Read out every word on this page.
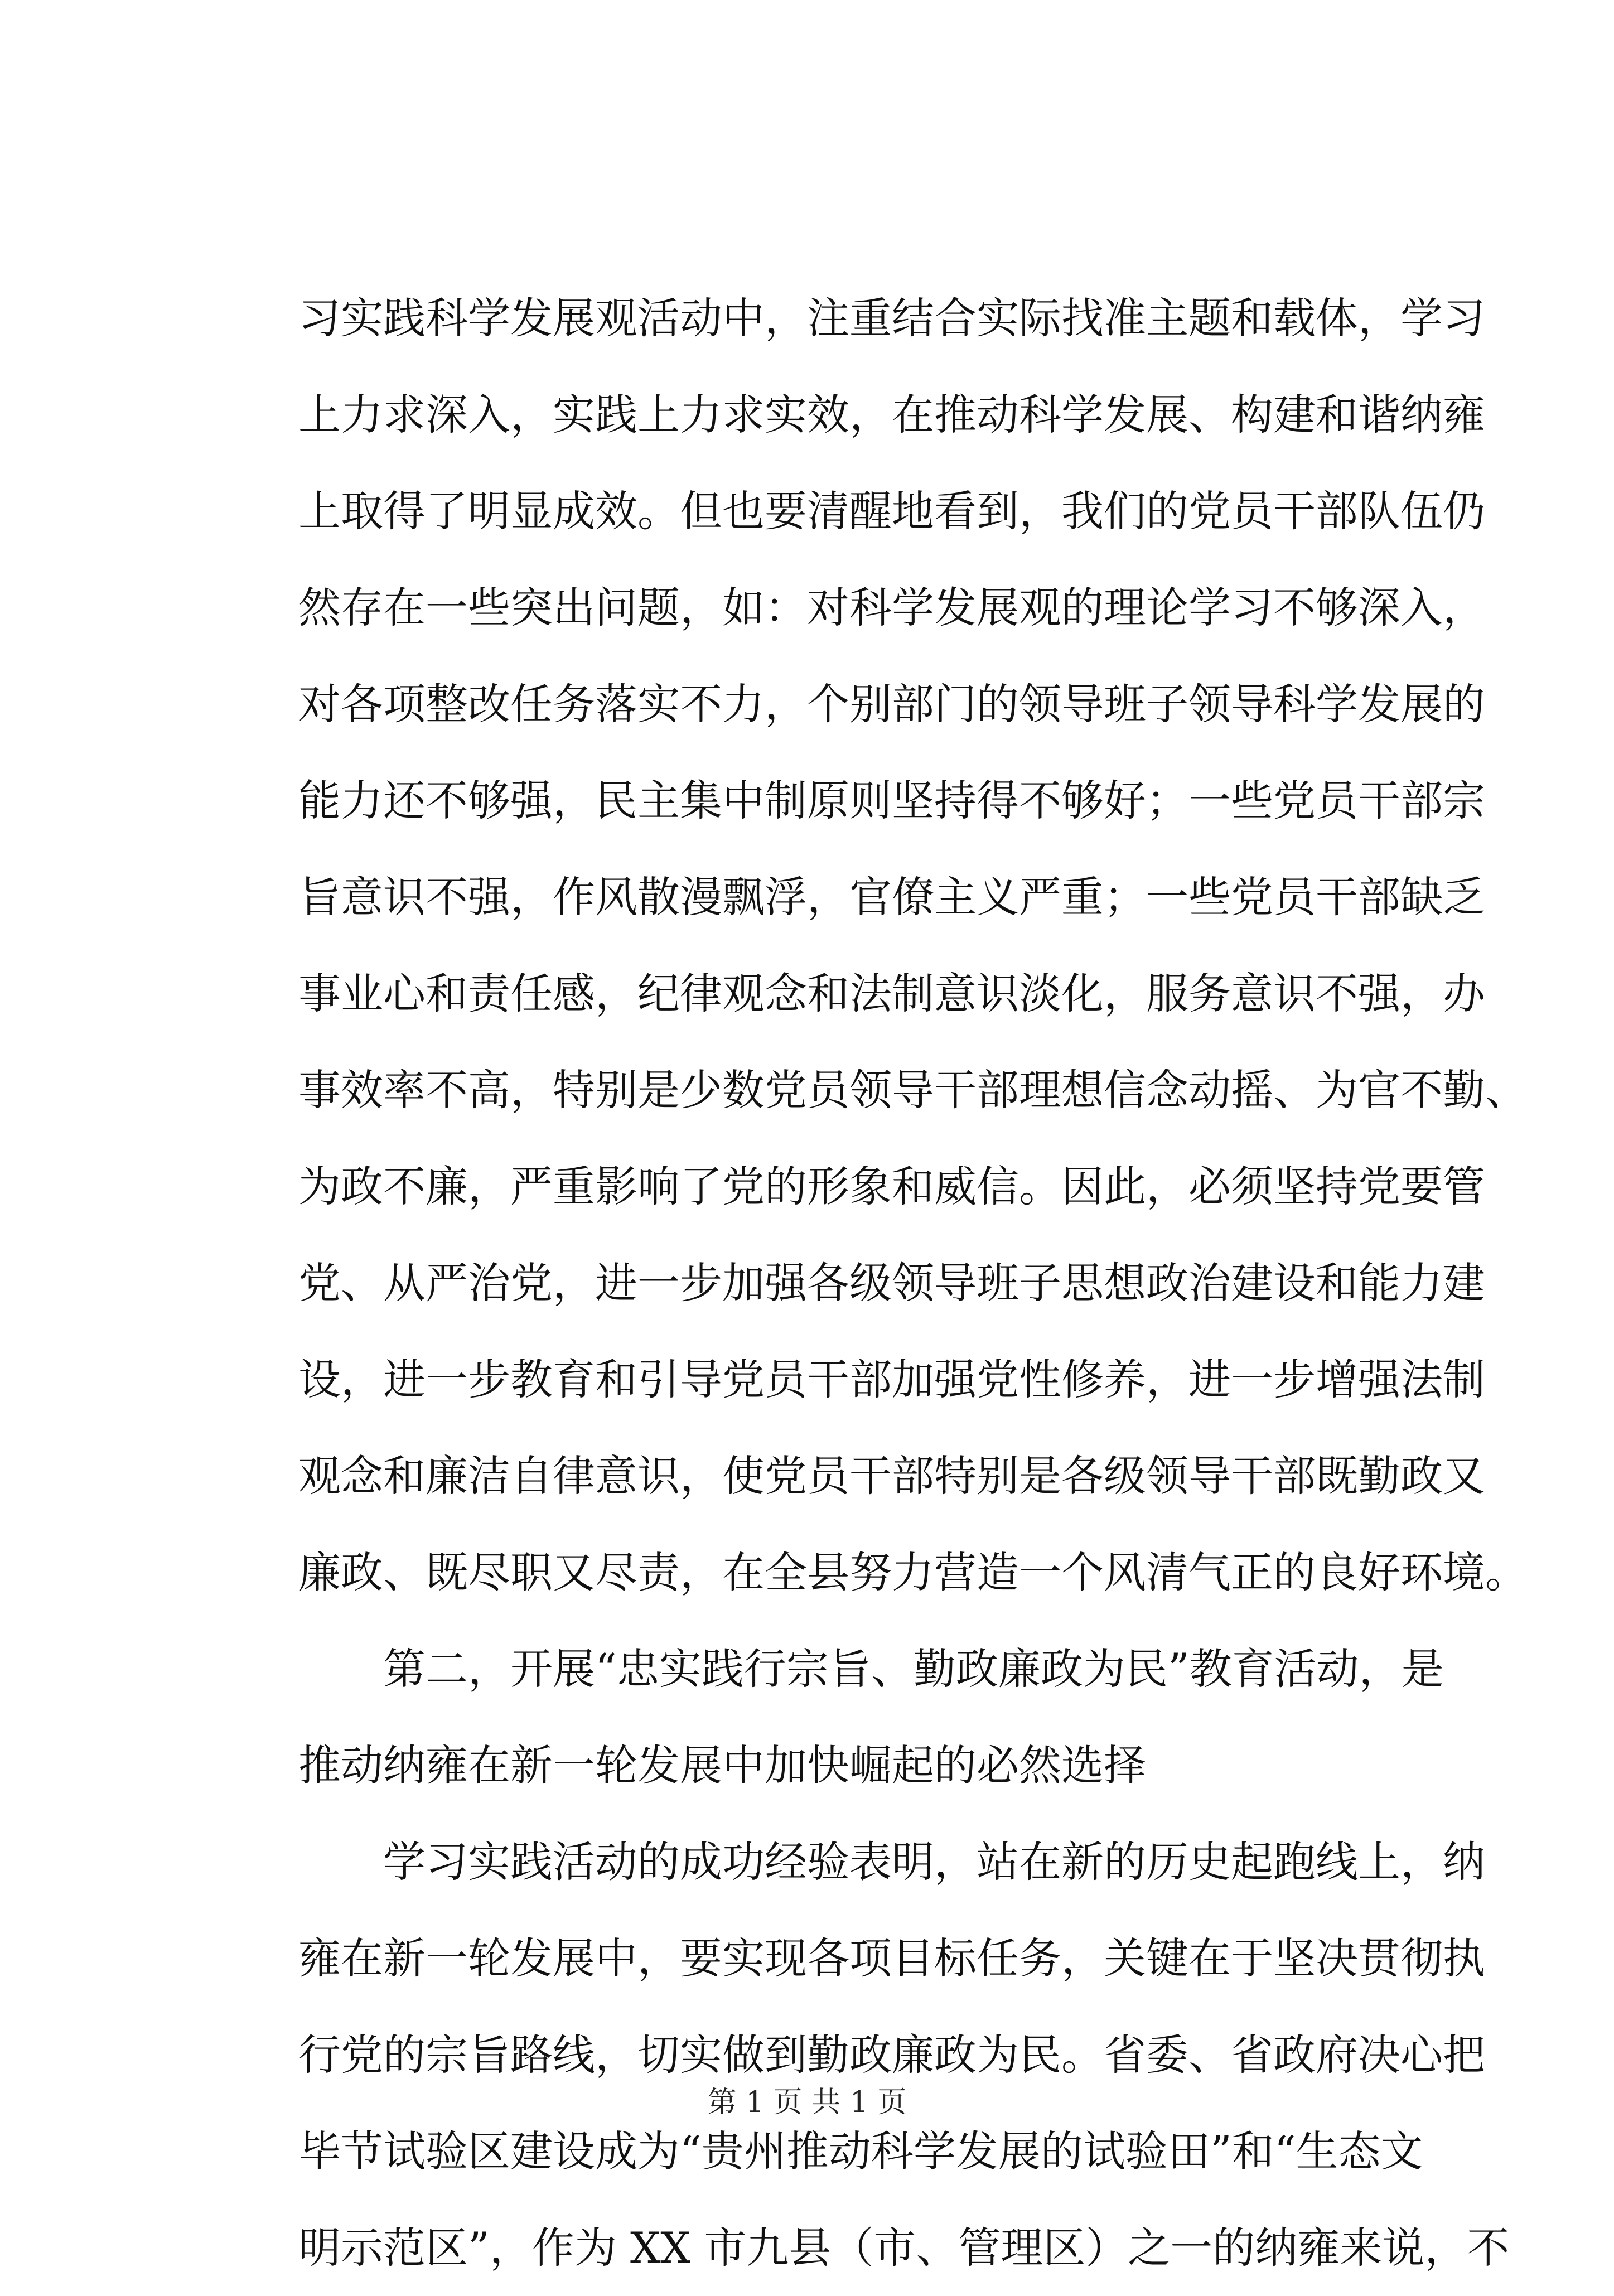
习实践科学发展观活动中，注重结合实际找准主题和载体，学习
上力求深入，实践上力求实效，在推动科学发展、构建和谐纳雍
上取得了明显成效。但也要清醒地看到，我们的党员干部队伍仍
然存在一些突出问题，如：对科学发展观的理论学习不够深入，
对各项整改任务落实不力，个别部门的领导班子领导科学发展的
能力还不够强，民主集中制原则坚持得不够好；一些党员干部宗
旨意识不强，作风散漫飘浮，官僚主义严重；一些党员干部缺乏
事业心和责任感，纪律观念和法制意识淡化，服务意识不强，办
事效率不高，特别是少数党员领导干部理想信念动摇、为官不勤、
为政不廉，严重影响了党的形象和威信。因此，必须坚持党要管
党、从严治党，进一步加强各级领导班子思想政治建设和能力建
设，进一步教育和引导党员干部加强党性修养，进一步增强法制
观念和廉洁自律意识，使党员干部特别是各级领导干部既勤政又
廉政、既尽职又尽责，在全县努力营造一个风清气正的良好环境。
　　第二，开展“忠实践行宗旨、勤政廉政为民”教育活动，是
推动纳雍在新一轮发展中加快崛起的必然选择
　　学习实践活动的成功经验表明，站在新的历史起跑线上，纳
雍在新一轮发展中，要实现各项目标任务，关键在于坚决贯彻执
行党的宗旨路线，切实做到勤政廉政为民。省委、省政府决心把
毕节试验区建设成为“贵州推动科学发展的试验田”和“生态文
明示范区”，作为 XX 市九县（市、管理区）之一的纳雍来说，不
第 1 页 共 1 页
